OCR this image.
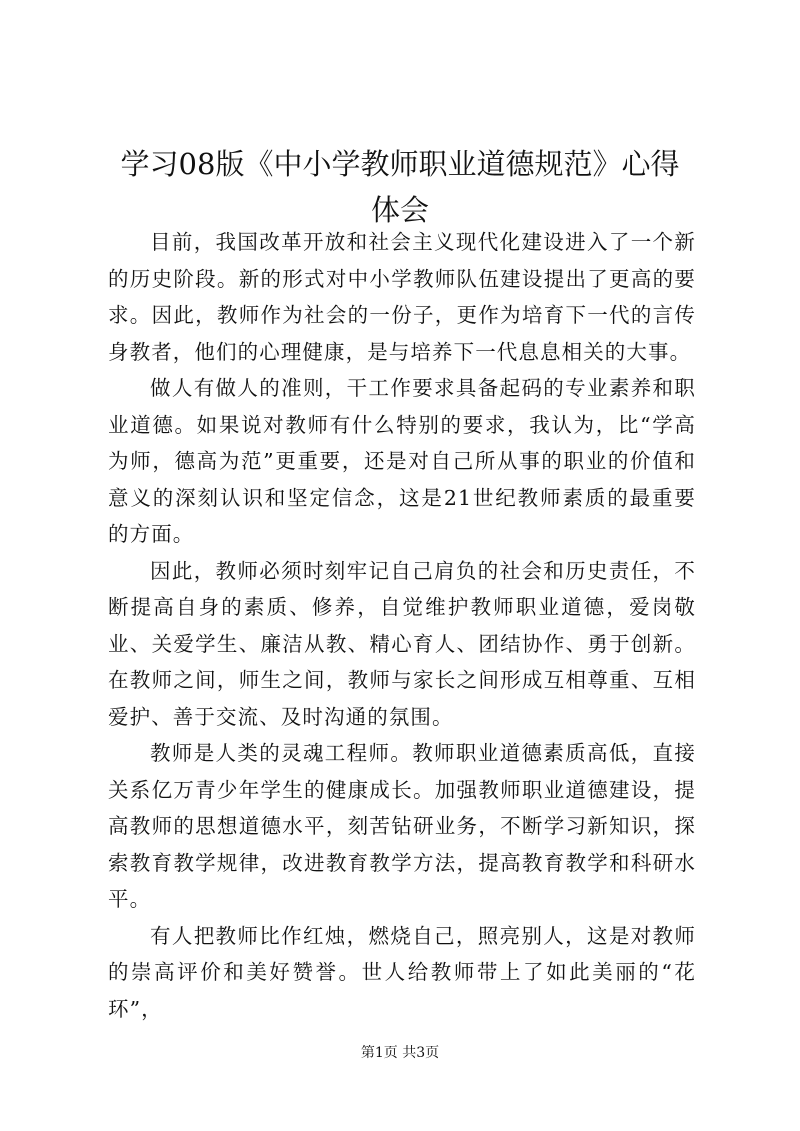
学习08版《中小学教师职业道德规范》心得
体会

目前，我国改革开放和社会主义现代化建设进入了一个新的历史阶段。新的形式对中小学教师队伍建设提出了更高的要求。因此，教师作为社会的一份子，更作为培育下一代的言传身教者，他们的心理健康，是与培养下一代息息相关的大事。

做人有做人的准则，干工作要求具备起码的专业素养和职业道德。如果说对教师有什么特别的要求，我认为，比“学高为师，德高为范”更重要，还是对自己所从事的职业的价值和意义的深刻认识和坚定信念，这是21世纪教师素质的最重要的方面。

因此，教师必须时刻牢记自己肩负的社会和历史责任，不断提高自身的素质、修养，自觉维护教师职业道德，爱岗敬业、关爱学生、廉洁从教、精心育人、团结协作、勇于创新。在教师之间，师生之间，教师与家长之间形成互相尊重、互相爱护、善于交流、及时沟通的氛围。

教师是人类的灵魂工程师。教师职业道德素质高低，直接关系亿万青少年学生的健康成长。加强教师职业道德建设，提高教师的思想道德水平，刻苦钻研业务，不断学习新知识，探索教育教学规律，改进教育教学方法，提高教育教学和科研水平。

有人把教师比作红烛，燃烧自己，照亮别人，这是对教师的崇高评价和美好赞誉。世人给教师带上了如此美丽的“花环”，

第1页 共3页
